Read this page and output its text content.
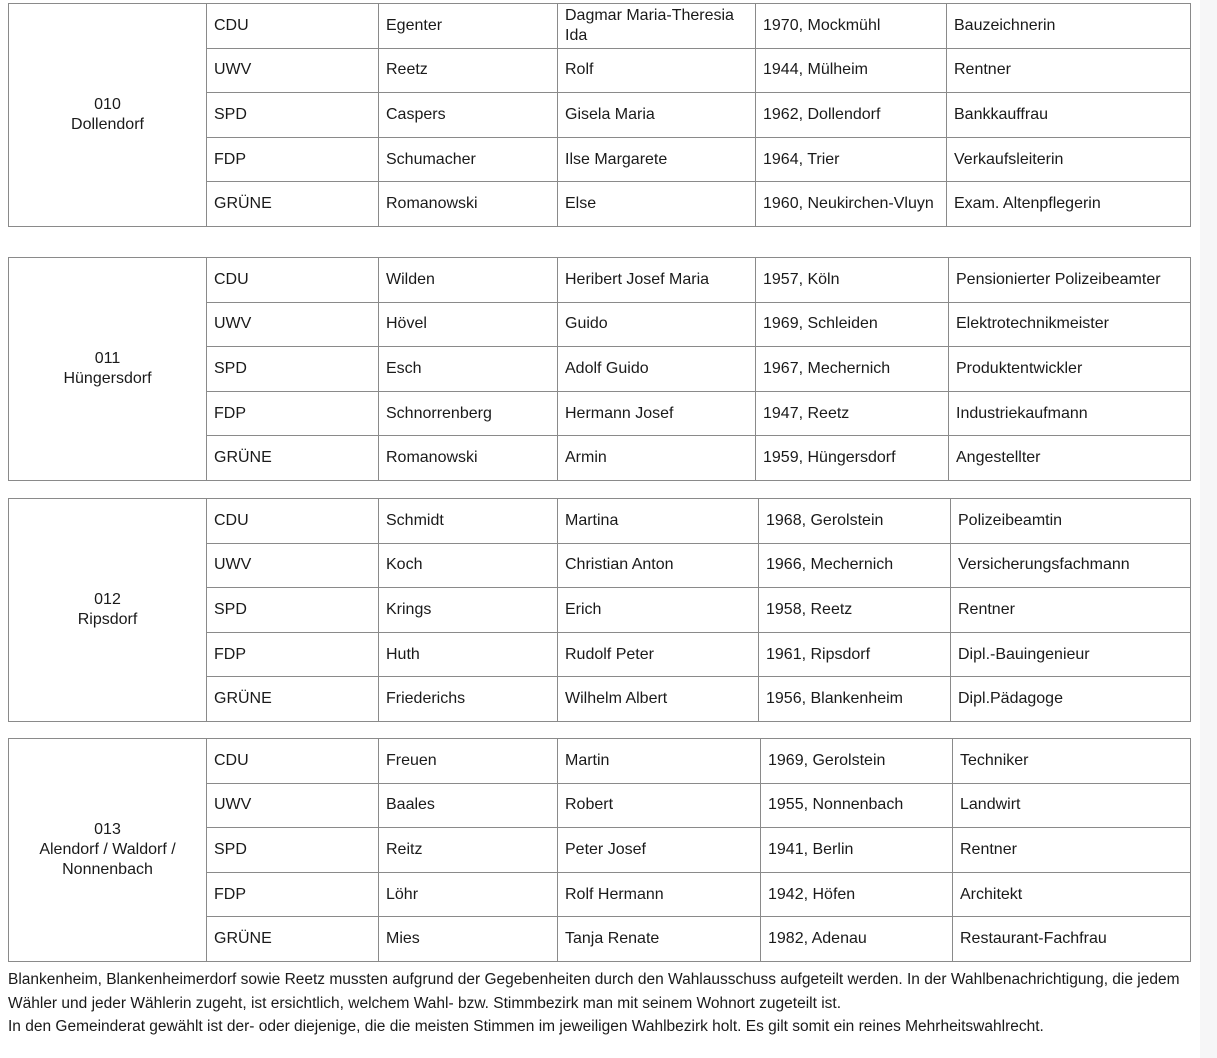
010
Dollendorf	CDU	Egenter	Dagmar Maria-Theresia Ida	1970, Mockmühl	Bauzeichnerin
	UWV	Reetz	Rolf	1944, Mülheim	Rentner
	SPD	Caspers	Gisela Maria	1962, Dollendorf	Bankkauffrau
	FDP	Schumacher	Ilse Margarete	1964, Trier	Verkaufsleiterin
	GRÜNE	Romanowski	Else	1960, Neukirchen-Vluyn	Exam. Altenpflegerin
011
Hüngersdorf	CDU	Wilden	Heribert Josef Maria	1957, Köln	Pensionierter Polizeibeamter
	UWV	Hövel	Guido	1969, Schleiden	Elektrotechnikmeister
	SPD	Esch	Adolf Guido	1967, Mechernich	Produktentwickler
	FDP	Schnorrenberg	Hermann Josef	1947, Reetz	Industriekaufmann
	GRÜNE	Romanowski	Armin	1959, Hüngersdorf	Angestellter
012
Ripsdorf	CDU	Schmidt	Martina	1968, Gerolstein	Polizeibeamtin
	UWV	Koch	Christian Anton	1966, Mechernich	Versicherungsfachmann
	SPD	Krings	Erich	1958, Reetz	Rentner
	FDP	Huth	Rudolf Peter	1961, Ripsdorf	Dipl.-Bauingenieur
	GRÜNE	Friederichs	Wilhelm Albert	1956, Blankenheim	Dipl.Pädagoge
013
Alendorf / Waldorf / Nonnenbach	CDU	Freuen	Martin	1969, Gerolstein	Techniker
	UWV	Baales	Robert	1955, Nonnenbach	Landwirt
	SPD	Reitz	Peter Josef	1941, Berlin	Rentner
	FDP	Löhr	Rolf Hermann	1942, Höfen	Architekt
	GRÜNE	Mies	Tanja Renate	1982, Adenau	Restaurant-Fachfrau

Blankenheim, Blankenheimerdorf sowie Reetz mussten aufgrund der Gegebenheiten durch den Wahlausschuss aufgeteilt werden. In der Wahlbenachrichtigung, die jedem Wähler und jeder Wählerin zugeht, ist ersichtlich, welchem Wahl- bzw. Stimmbezirk man mit seinem Wohnort zugeteilt ist.

In den Gemeinderat gewählt ist der- oder diejenige, die die meisten Stimmen im jeweiligen Wahlbezirk holt. Es gilt somit ein reines Mehrheitswahlrecht.
